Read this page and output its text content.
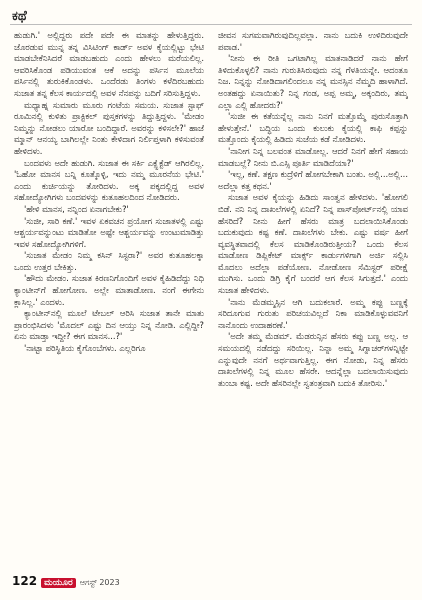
ಕಥೆ

ಹುಡುಗಿ.' ಅಲ್ಲಿದ್ದರು ಪದೇ ಪದೇ ಈ ಮಾತನ್ನು ಹೇಳುತ್ತಿದ್ದರು. ಜೊರಡುವ ಮುನ್ನ ತನ್ನ ವಿಸಿಟಿಂಗ್ ಕಾರ್ಡ್ ಅವಳ ಕೈಯಲ್ಲಿಟ್ಟು ಭೇಟಿ ಮಾಡಬೇಕೆನಿಸಿದರೆ ಮಾಡಬಹುದು ಎಂದು ಹೇಳಲು ಮರೆಯಲಿಲ್ಲ. ಆವರಿಸಿಕೊಂಡ ಪಡಿಯುವಂತ ಆಕೆ ಅದನ್ನು ಪರ್ಸಿನ ಮೂಲೆಯ ಪರ್ಸಿನಲ್ಲಿ ತುರುಕಿಕೊಂಡಳು. ಒಂದೆರಡು ತಿಂಗಳು ಕಳೆದಿರಬಹುದು ಸುಜಾತ ತನ್ನ ಕೆಲಸ ಕಾರ್ಯದಲ್ಲಿ ಅವಳ ನೆನಪನ್ನು ಬದಿಗೆ ಸರಿಸುತ್ತಿದ್ದಳು.

ಮಧ್ಯಾಹ್ನ ಸುಮಾರು ಮೂರು ಗಂಟೆಯ ಸಮಯ. ಸುಜಾತ ಸ್ಟಾಫ್ ರೂಮಿನಲ್ಲಿ ಕುಳಿತು ಪ್ರಾಕ್ಟಿಕಲ್ ಪುಸ್ತಕಗಳನ್ನು ತಿದ್ದುತ್ತಿದ್ದಳು. 'ಮೇಡಂ ನಿಮ್ಮನ್ನು ನೋಡಲು ಯಾರೋ ಬಂದಿದ್ದಾರೆ. ಅವರನ್ನು ಕಳಿಸಲೇ?' ಹಾಜೆ ಮ್ಮಾನ್ ಆನಯ್ಯ ಬಾಗಿಲಲ್ಲೇ ನಿಂತು ಕೇಳಿದಾಗ ನಿರ್ಲಿಪ್ತಳಾಗಿ ಕಳಿಸುವಂತೆ ಹೇಳಿದಳು.

ಬಂದವಳು ಅದೇ ಹುಡುಗಿ. ಸುಜಾತ ಈ ಸರ್ಕಿ ಎಕ್ಸ್ಪೆಕ್ಟೆಡ್ ಆಗಿರಲಿಲ್ಲ. 'ಓಹೋ ಮಾನಸ ಬನ್ನಿ ಕೂತ್ಕೊಳ್ಳಿ, ಇದು ನಮ್ಮ ಮೂರನೆಯ ಭೇಟಿ.' ಎಂದು ಕುರ್ಚಿಯನ್ನು ತೋರಿದಳು. ಅಕ್ಕ ಪಕ್ಕದಲ್ಲಿದ್ದ ಅವಳ ಸಹೋದ್ಯೋಗಿಗಳು ಬಂದವಳನ್ನು ಕುತೂಹಲದಿಂದ ನೋಡಿದರು.

'ಹೇಳಿ ಮಾನಸ, ನನ್ನಿಂದ ಏನಾಗಬೇಕು?'

'ಸುಜೀ, ಸಾರಿ ಕಣೆ.' ಇವಳ ಏಕವಚನ ಪ್ರಯೋಗ ಸುಜಾತಳಲ್ಲಿ ಎಷ್ಟು ಆಶ್ಚರ್ಯವನ್ನುಂಟು ಮಾಡಿತೋ ಅಷ್ಟೇ ಆಶ್ಚರ್ಯವನ್ನು ಉಂಟುಮಾಡಿತ್ತು ಇವಳ ಸಹೋದ್ಯೋಗಿಗಳಿಗೆ.

'ಸುಜಾತ ಮೇಡಂ ನಿಮ್ಮ ಕಸಿನ್ ಸಿಸ್ಟರಾ?' ಅವರ ಕುತೂಹಲಕ್ಕಾ ಒಂದು ಉತ್ತರ ಬೇಕಿತ್ತು.

'ಹೌದು ಮೇಡಂ. ಸುಜಾತ ಕಿರಣನಿಗೊಂದಿಗೆ ಅವಳ ಕೈಹಿಡಿದೆದ್ದು ನಿಧಿ ಕ್ಯಾಂಟೀನ್‌ಗೆ ಹೋಗೋಣ. ಅಲ್ಲೇ ಮಾತಾಡೋಣ. ನಂಗೆ ಈಗೇನು ಕ್ಲಾಸಿಲ್ಲ.' ಎಂದಳು.

ಕ್ಯಾಂಟೀನ್‌ನಲ್ಲಿ ಮೂಲೆ ಟೇಬಲ್ ಆರಿಸಿ ಸುಜಾತ ತಾನೇ ಮಾತು ಪ್ರಾರಂಭಿಸಿದಳು 'ಮೊದಲ್ ಎಷ್ಟು ದಿನ ಆಯ್ತು ನಿನ್ನ ನೋಡಿ. ಎಲ್ಲಿದ್ದೀ? ಏನು ಮಾಡ್ತಾ ಇದ್ದೀ? ಈಗ ಮಾನಸ...?'

'ನಾಟ್ಟಾ ಪರಿಸ್ಥಿತಿಯ ಕೈಗೊಂಬೆಗಳು. ಎಲ್ಲರಿಗೂ

ಜೀವನ ಸುಗಮವಾಗಿರುವುದಿಲ್ಲವಲ್ಲಾ. ನಾನು ಬದುಕಿ ಉಳಿದಿರುವುದೇ ಪವಾಡ.'

'ನೀನು ಈ ರೀತಿ ಒಗಟಾಗಿಲ್ಲ ಮಾತನಾಡಿದರೆ ನಾನು ಹೇಗೆ ತಿಳಿದುಕೊಳ್ಳಲಿ? ನಾನು ಗುರುತಿಸಿರುವುದು ನನ್ನ ಗೆಳತಿಯನ್ನೇ. ಆದಂತೂ ನಿಜ. ನಿನ್ನನ್ನು ನೋಡಿದಾಗಲಿಂದಲೂ ನನ್ನ ಮನಸ್ಸಿನ ನೆಮ್ಮದಿ ಹಾಳಾಗಿದೆ. ಅಂತಹದ್ದು ಏನಾಯಿತು? ನಿನ್ನ ಗಂಡ, ಅಪ್ಪ ಅಮ್ಮ, ಅಕ್ಕಂದಿರು, ತಮ್ಮ ಎಲ್ಲಾ ಎಲ್ಲಿ ಹೋದರು?'

'ಸುಜೀ ಈ ಕತೆಯನ್ನೆಲ್ಲ ನಾನು ನಿನಗೆ ಮತ್ತೊಮ್ಮೆ ಪುರುಸೊತ್ತಾಗಿ ಹೇಳುತ್ತೇನೆ.' ಬದ್ಧಿಯ ಒಂದು ಕುಲುಕು ಕೈಯಲ್ಲಿ ಕಾಫಿ ಕಪ್ಪನ್ನು ಮತ್ತೊಂದು ಕೈಯಲ್ಲಿ ಹಿಡಿದು ಸುಜೆಯ ಕಡೆ ನೋಡಿದಳು.

'ನಾನೀಗ ನಿನ್ನ ಬಲವಂತ ಮಾಡೋಲ್ಲ. ಆದರೆ ನಿನಗೆ ಹೇಗೆ ಸಹಾಯ ಮಾಡಬಲ್ಲೆ? ನೀನು ಬಿ.ಎಸ್ಸಿ ಪೂರ್ತಿ ಮಾಡಿದೆಯಾ?'

'ಇಲ್ಲ, ಕಣೆ. ತಕ್ಷಣ ಕುದ್ರೆಳಿಗೆ ಹೋಗಬೇಕಾಗಿ ಬಂತು. ಅಲ್ಲಿ...ಅಲ್ಲಿ... ಅದೆಲ್ಲಾ ಕತ್ತ ಕಥನ.'

ಸುಜಾತ ಅವಳ ಕೈಯನ್ನು ಹಿಡಿದು ಸಾಂತ್ವನ ಹೇಳಿದಳು. 'ಹೋಗಲಿ ಬಿಡೆ. ನನಿ ನಿನ್ನ ದಾಖಲೆಗಳಲ್ಲಿ ಏನಿದೆ? ನಿನ್ನ ಪಾಸ್‌ಪೋರ್ಟ್‌ನಲ್ಲಿ ಯಾವ ಹೆಸರಿದೆ? ನೀನು ಹೀಗೆ ಹೆಸರು ಮಾತ್ರ ಬದಲಾಯಿಸಿಕೊಂಡು ಬದುಕುವುದು ಕಷ್ಟ ಕಣೆ. ದಾಖಲೆಗಳು ಬೇಕು. ಎಷ್ಟು ವರ್ಷ ಹೀಗೆ ವ್ಯವಸ್ಥಿತವಾದಲ್ಲಿ ಕೆಲಸ ಮಾಡಿಕೊಂಡಿರುತ್ತೀಯ? ಒಂದು ಕೆಲಸ ಮಾಡೋಣ ಡಿಪ್ಲಿಕೇಟ್ ಮಾರ್ಕ್ಸ್ ಕಾರ್ಡುಗಳಿಗಾಗಿ ಅರ್ಜಿ ಸಲ್ಲಿಸಿ ಮೊದಲು ಅದೆಲ್ಲಾ ಪಡೆಯೋಣ. ನೋಡೋಣ ಸೆಮಿಸ್ಟರ್ ಪರೀಕ್ಷೆ ಮುಗಿಸು. ಒಂದು ಡಿಗ್ರಿ ಕೈಗೆ ಬಂದರೆ ಆಗ ಕೆಲಸ ಸಿಗುತ್ತದೆ.' ಎಂದು ಸುಜಾತ ಹೇಳಿದಳು.

'ನಾನು ಮೆಡಮ್ಮಸ್ಸಿನ ಆಗಿ ಬದುಕಲಾರೆ. ಅಮ್ಮ ಕಪ್ಪು ಬಣ್ಣಕ್ಕೆ ಸರಿದೂಗುವ ಗುರುತು ಪರಿಚಯವಿಲ್ಲದೆ ನಿಕಾ ಮಾಡಿಕೊಳ್ಳುವವನಿಗೆ ನಾನೊಂದು ಉದಾಹರಣೆ.'

'ಅದೇ ತಮ್ಮ ಮೆಡಮ್. ಮೆಡರುನ್ಸಿನ ಹೆಸರು ಕಪ್ಪು ಬಣ್ಣ ಅಲ್ಲ. ಆ ಸಮಯದಲ್ಲಿ ನಡೆದದ್ದು ಸರಿಯಿಲ್ಲ. ನಿನ್ನಾ ಅಮ್ಮ ಸಿಗ್ನಾಚರ್‌ಗಳನ್ನಿಟ್ಟೇ ಎನ್ನುವುದೇ ನನಗೆ ಅರ್ಥವಾಗುತ್ತಿಲ್ಲ. ಈಗ ನೋಡು, ನಿನ್ನ ಹೆಸರು ದಾಖಲೆಗಳಲ್ಲಿ ನಿನ್ನ ಮೂಲ ಹೆಸರೇ. ಆದನ್ನೆಲ್ಲಾ ಬದಲಾಯಿಸುವುದು ತುಂಬಾ ಕಷ್ಟ. ಅದೇ ಹೆಸರಿನಲ್ಲೇ ಸ್ವತಂತ್ರವಾಗಿ ಬದುಕಿ ತೋರಿಸು.'

122 ಮಯೂರ ಆಗಸ್ಟ್ 2023
